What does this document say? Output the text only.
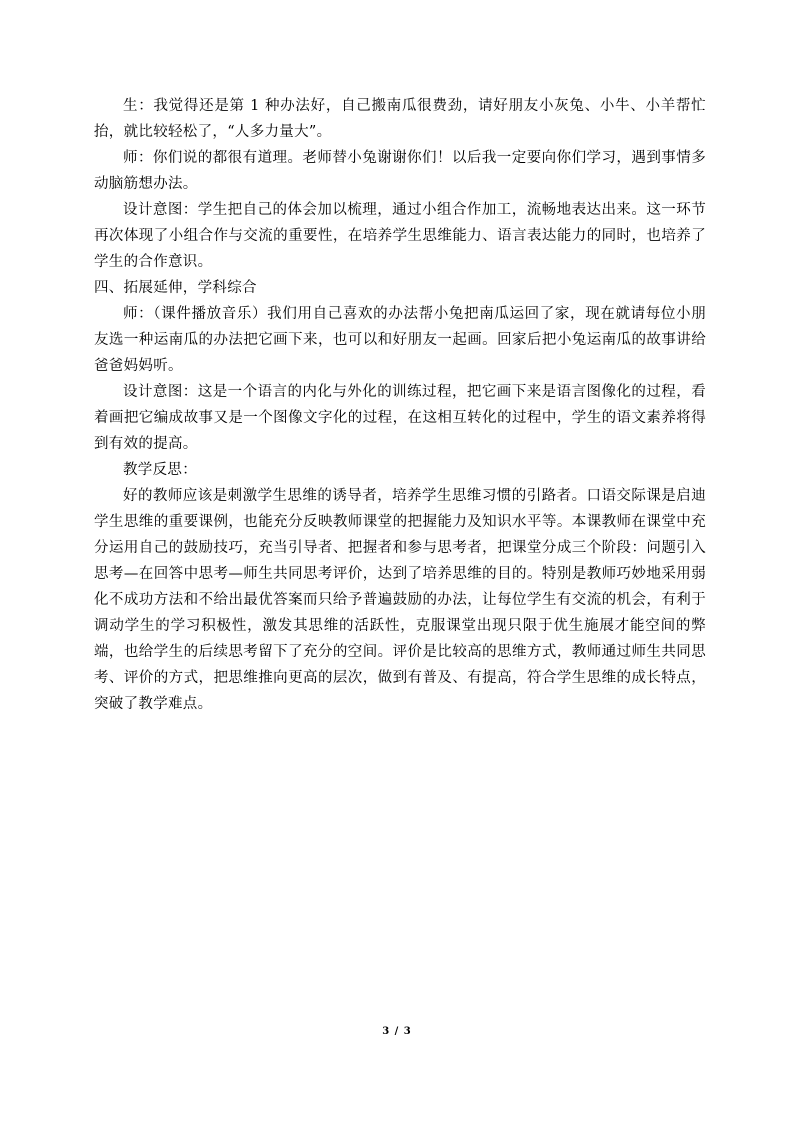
生：我觉得还是第 1 种办法好，自己搬南瓜很费劲，请好朋友小灰兔、小牛、小羊帮忙抬，就比较轻松了，“人多力量大”。

师：你们说的都很有道理。老师替小兔谢谢你们！以后我一定要向你们学习，遇到事情多动脑筋想办法。

设计意图：学生把自己的体会加以梳理，通过小组合作加工，流畅地表达出来。这一环节再次体现了小组合作与交流的重要性，在培养学生思维能力、语言表达能力的同时，也培养了学生的合作意识。

四、拓展延伸，学科综合

师：（课件播放音乐）我们用自己喜欢的办法帮小兔把南瓜运回了家，现在就请每位小朋友选一种运南瓜的办法把它画下来，也可以和好朋友一起画。回家后把小兔运南瓜的故事讲给爸爸妈妈听。

设计意图：这是一个语言的内化与外化的训练过程，把它画下来是语言图像化的过程，看着画把它编成故事又是一个图像文字化的过程，在这相互转化的过程中，学生的语文素养将得到有效的提高。

教学反思：

好的教师应该是刺激学生思维的诱导者，培养学生思维习惯的引路者。口语交际课是启迪学生思维的重要课例，也能充分反映教师课堂的把握能力及知识水平等。本课教师在课堂中充分运用自己的鼓励技巧，充当引导者、把握者和参与思考者，把课堂分成三个阶段：问题引入思考—在回答中思考—师生共同思考评价，达到了培养思维的目的。特别是教师巧妙地采用弱化不成功方法和不给出最优答案而只给予普遍鼓励的办法，让每位学生有交流的机会，有利于调动学生的学习积极性，激发其思维的活跃性，克服课堂出现只限于优生施展才能空间的弊端，也给学生的后续思考留下了充分的空间。评价是比较高的思维方式，教师通过师生共同思考、评价的方式，把思维推向更高的层次，做到有普及、有提高，符合学生思维的成长特点，突破了教学难点。

3 / 3
